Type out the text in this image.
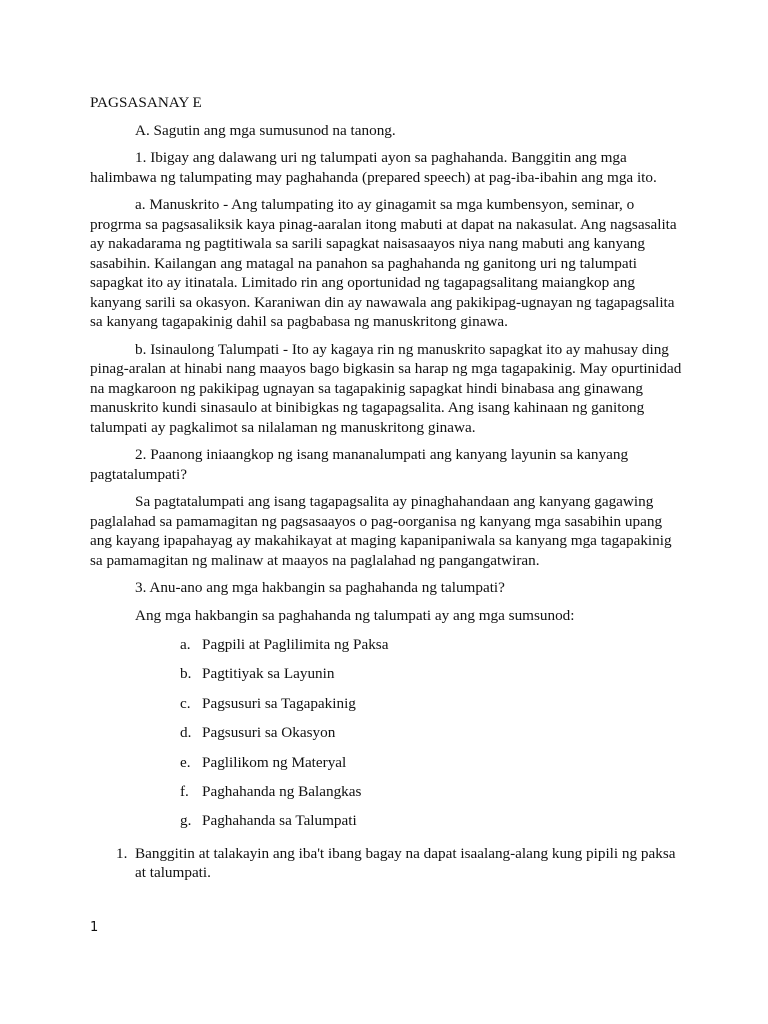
PAGSASANAY E

A. Sagutin ang mga sumusunod na tanong.

1. Ibigay ang dalawang uri ng talumpati ayon sa paghahanda. Banggitin ang mga halimbawa ng talumpating may paghahanda (prepared speech) at pag-iba-ibahin ang mga ito.

a. Manuskrito - Ang talumpating ito ay ginagamit sa mga kumbensyon, seminar, o progrma sa pagsasaliksik kaya pinag-aaralan itong mabuti at dapat na nakasulat. Ang nagsasalita ay nakadarama ng pagtitiwala sa sarili sapagkat naisasaayos niya nang mabuti ang kanyang sasabihin. Kailangan ang matagal na panahon sa paghahanda ng ganitong uri ng talumpati sapagkat ito ay itinatala. Limitado rin ang oportunidad ng tagapagsalitang maiangkop ang kanyang sarili sa okasyon. Karaniwan din ay nawawala ang pakikipag-ugnayan ng tagapagsalita sa kanyang tagapakinig dahil sa pagbabasa ng manuskritong ginawa.

b. Isinaulong Talumpati - Ito ay kagaya rin ng manuskrito sapagkat ito ay mahusay ding pinag-aralan at hinabi nang maayos bago bigkasin sa harap ng mga tagapakinig. May opurtinidad na magkaroon ng pakikipag ugnayan sa tagapakinig sapagkat hindi binabasa ang ginawang manuskrito kundi sinasaulo at binibigkas ng tagapagsalita. Ang isang kahinaan ng ganitong talumpati ay pagkalimot sa nilalaman ng manuskritong ginawa.

2. Paanong iniaangkop ng isang mananalumpati ang kanyang layunin sa kanyang pagtatalumpati?

Sa pagtatalumpati ang isang tagapagsalita ay pinaghahandaan ang kanyang gagawing paglalahad sa pamamagitan ng pagsasaayos o pag-oorganisa ng kanyang mga sasabihin upang ang kayang ipapahayag ay makahikayat at maging kapanipaniwala sa kanyang mga tagapakinig sa pamamagitan ng malinaw at maayos na paglalahad ng pangangatwiran.

3. Anu-ano ang mga hakbangin sa paghahanda ng talumpati?

Ang mga hakbangin sa paghahanda ng talumpati ay ang mga sumsunod:

a. Pagpili at Paglilimita ng Paksa
b. Pagtitiyak sa Layunin
c. Pagsusuri sa Tagapakinig
d. Pagsusuri sa Okasyon
e. Paglilikom ng Materyal
f. Paghahanda ng Balangkas
g. Paghahanda sa Talumpati
1. Banggitin at talakayin ang iba't ibang bagay na dapat isaalang-alang kung pipili ng paksa at talumpati.
1
